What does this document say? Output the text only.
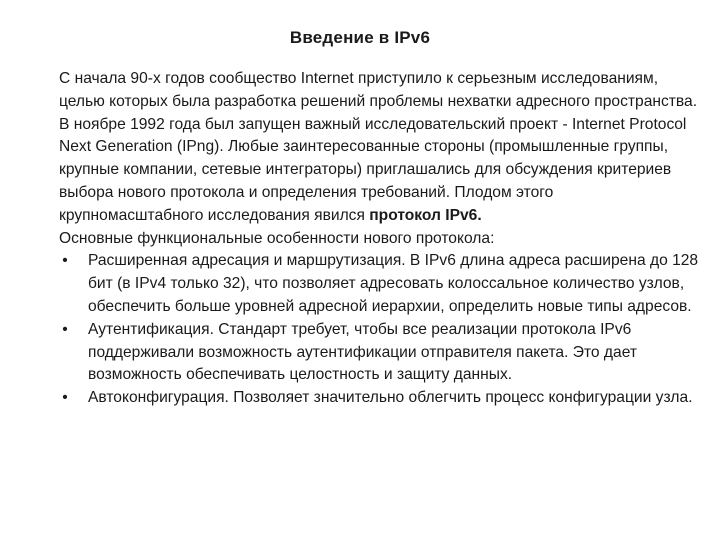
Введение в IPv6

С начала 90-х годов сообщество Internet приступило к серьезным исследованиям, целью которых была разработка решений проблемы нехватки адресного пространства.

В ноябре 1992 года был запущен важный исследовательский проект - Internet Protocol Next Generation (IPng). Любые заинтересованные стороны (промышленные группы, крупные компании, сетевые интеграторы) приглашались для обсуждения критериев выбора нового протокола и определения требований. Плодом этого крупномасштабного исследования явился протокол IPv6.

Основные функциональные особенности нового протокола:

• Расширенная адресация и маршрутизация. В IPv6 длина адреса расширена до 128 бит (в IPv4 только 32), что позволяет адресовать колоссальное количество узлов, обеспечить больше уровней адресной иерархии, определить новые типы адресов.
• Аутентификация. Стандарт требует, чтобы все реализации протокола IPv6 поддерживали возможность аутентификации отправителя пакета. Это дает возможность обеспечивать целостность и защиту данных.
• Автоконфигурация. Позволяет значительно облегчить процесс конфигурации узла.
